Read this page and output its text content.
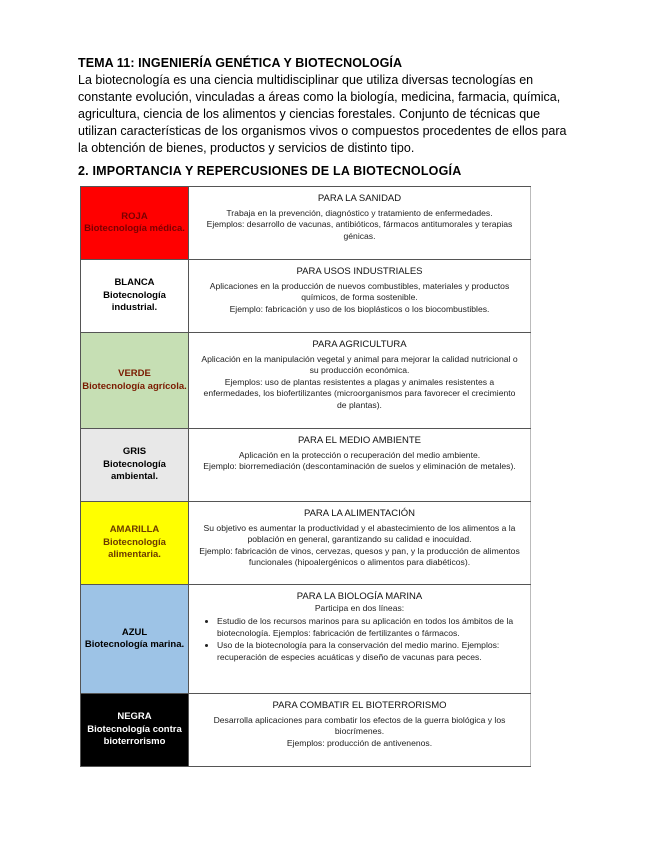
TEMA 11: INGENIERÍA GENÉTICA Y BIOTECNOLOGÍA
La biotecnología es una ciencia multidisciplinar que utiliza diversas tecnologías en constante evolución, vinculadas a áreas como la biología, medicina, farmacia, química, agricultura, ciencia de los alimentos y ciencias forestales. Conjunto de técnicas que utilizan características de los organismos vivos o compuestos procedentes de ellos para la obtención de bienes, productos y servicios de distinto tipo.
2. IMPORTANCIA Y REPERCUSIONES DE LA BIOTECNOLOGÍA
ROJA
Biotecnología médica.
PARA LA SANIDAD
Trabaja en la prevención, diagnóstico y tratamiento de enfermedades.
Ejemplos: desarrollo de vacunas, antibióticos, fármacos antitumorales y terapias génicas.
BLANCA
Biotecnología industrial.
PARA USOS INDUSTRIALES
Aplicaciones en la producción de nuevos combustibles, materiales y productos químicos, de forma sostenible.
Ejemplo: fabricación y uso de los bioplásticos o los biocombustibles.
VERDE
Biotecnología agrícola.
PARA AGRICULTURA
Aplicación en la manipulación vegetal y animal para mejorar la calidad nutricional o su producción económica.
Ejemplos: uso de plantas resistentes a plagas y animales resistentes a enfermedades, los biofertilizantes (microorganismos para favorecer el crecimiento de plantas).
GRIS
Biotecnología ambiental.
PARA EL MEDIO AMBIENTE
Aplicación en la protección o recuperación del medio ambiente.
Ejemplo: biorremediación (descontaminación de suelos y eliminación de metales).
AMARILLA
Biotecnología alimentaria.
PARA LA ALIMENTACIÓN
Su objetivo es aumentar la productividad y el abastecimiento de los alimentos a la población en general, garantizando su calidad e inocuidad.
Ejemplo: fabricación de vinos, cervezas, quesos y pan, y la producción de alimentos funcionales (hipoalergénicos o alimentos para diabéticos).
AZUL
Biotecnología marina.
PARA LA BIOLOGÍA MARINA
Participa en dos líneas:
• Estudio de los recursos marinos para su aplicación en todos los ámbitos de la biotecnología. Ejemplos: fabricación de fertilizantes o fármacos.
• Uso de la biotecnología para la conservación del medio marino. Ejemplos: recuperación de especies acuáticas y diseño de vacunas para peces.
NEGRA
Biotecnología contra bioterrorismo
PARA COMBATIR EL BIOTERRORISMO
Desarrolla aplicaciones para combatir los efectos de la guerra biológica y los biocrímenes.
Ejemplos: producción de antivenenos.
